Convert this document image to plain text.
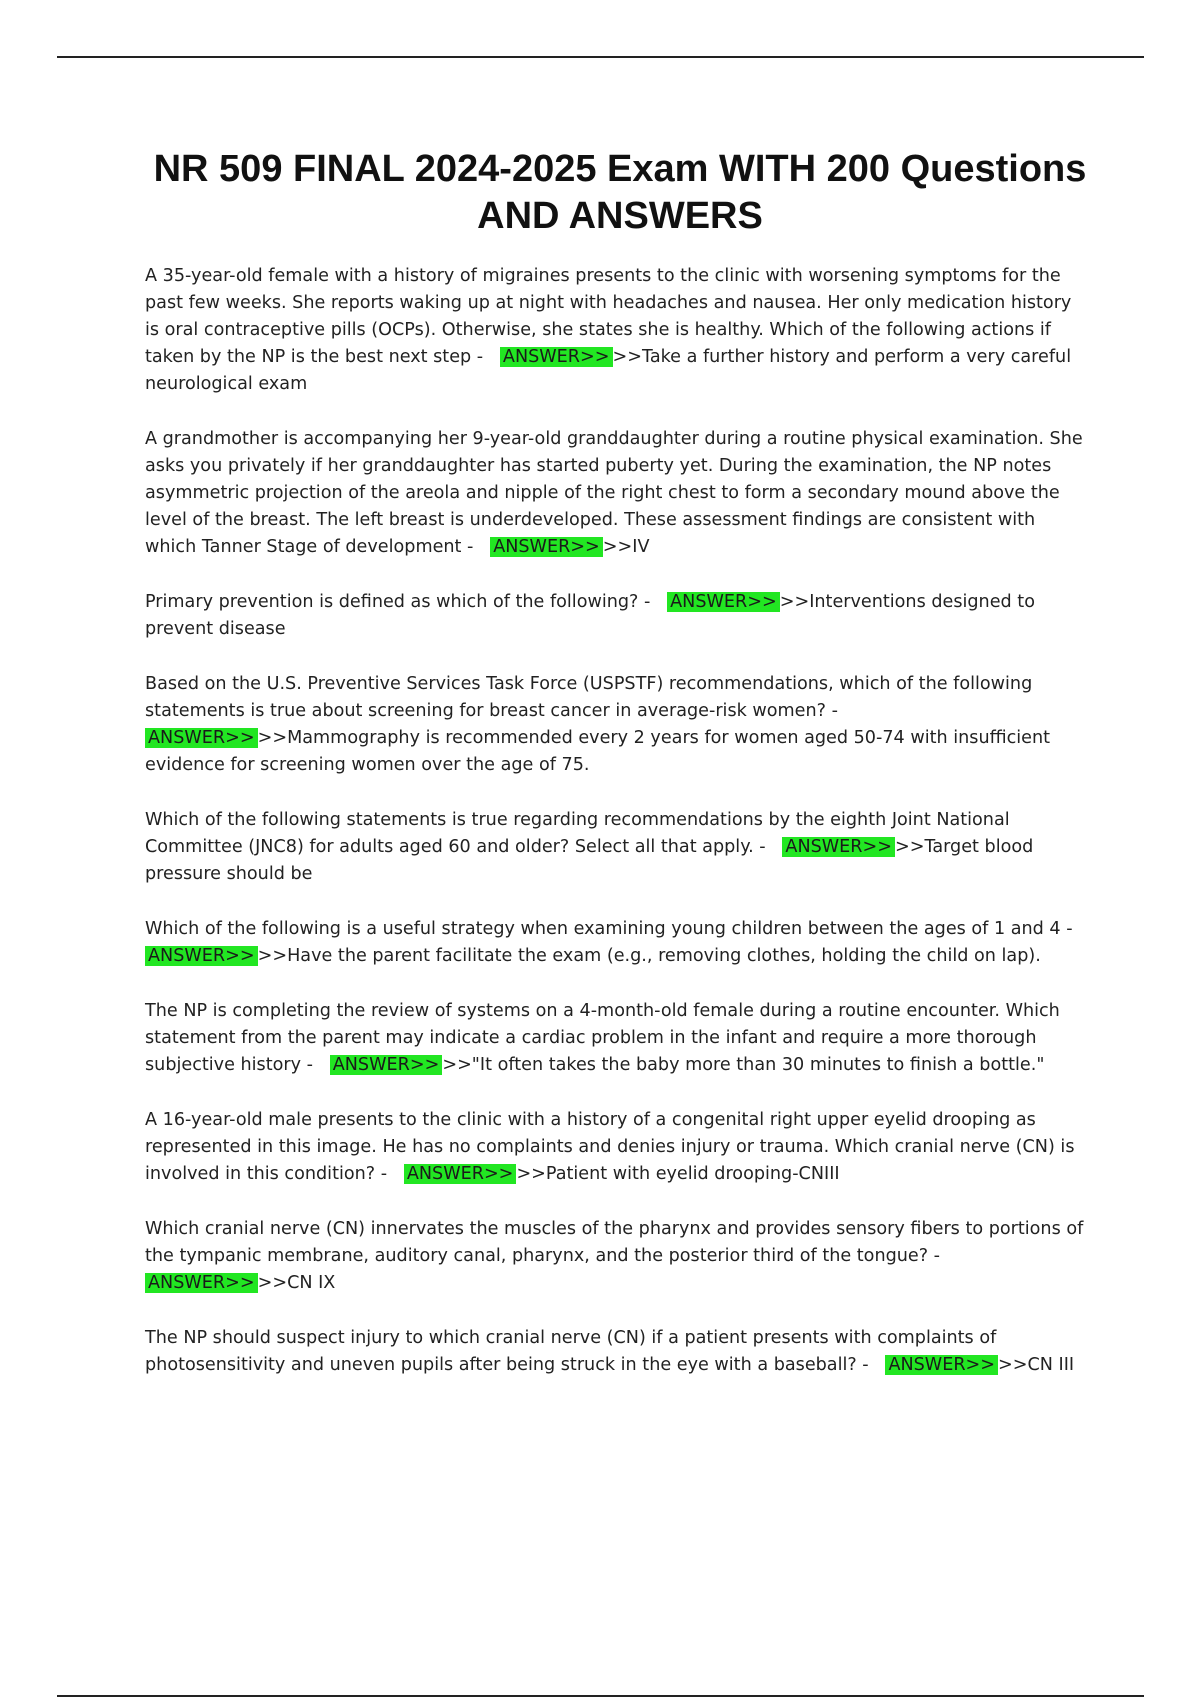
NR 509 FINAL 2024-2025 Exam WITH 200 Questions AND ANSWERS

A 35-year-old female with a history of migraines presents to the clinic with worsening symptoms for the past few weeks. She reports waking up at night with headaches and nausea. Her only medication history is oral contraceptive pills (OCPs). Otherwise, she states she is healthy. Which of the following actions if taken by the NP is the best next step - ANSWER>> >>Take a further history and perform a very careful neurological exam

A grandmother is accompanying her 9-year-old granddaughter during a routine physical examination. She asks you privately if her granddaughter has started puberty yet. During the examination, the NP notes asymmetric projection of the areola and nipple of the right chest to form a secondary mound above the level of the breast. The left breast is underdeveloped. These assessment findings are consistent with which Tanner Stage of development - ANSWER>> >>IV

Primary prevention is defined as which of the following? - ANSWER>> >>Interventions designed to prevent disease

Based on the U.S. Preventive Services Task Force (USPSTF) recommendations, which of the following statements is true about screening for breast cancer in average-risk women? - ANSWER>> >>Mammography is recommended every 2 years for women aged 50-74 with insufficient evidence for screening women over the age of 75.

Which of the following statements is true regarding recommendations by the eighth Joint National Committee (JNC8) for adults aged 60 and older? Select all that apply. - ANSWER>> >>Target blood pressure should be

Which of the following is a useful strategy when examining young children between the ages of 1 and 4 - ANSWER>> >>Have the parent facilitate the exam (e.g., removing clothes, holding the child on lap).

The NP is completing the review of systems on a 4-month-old female during a routine encounter. Which statement from the parent may indicate a cardiac problem in the infant and require a more thorough subjective history - ANSWER>> >>"It often takes the baby more than 30 minutes to finish a bottle."

A 16-year-old male presents to the clinic with a history of a congenital right upper eyelid drooping as represented in this image. He has no complaints and denies injury or trauma. Which cranial nerve (CN) is involved in this condition? - ANSWER>> >>Patient with eyelid drooping-CNIII

Which cranial nerve (CN) innervates the muscles of the pharynx and provides sensory fibers to portions of the tympanic membrane, auditory canal, pharynx, and the posterior third of the tongue? - ANSWER>> >>CN IX

The NP should suspect injury to which cranial nerve (CN) if a patient presents with complaints of photosensitivity and uneven pupils after being struck in the eye with a baseball? - ANSWER>> >>CN III
